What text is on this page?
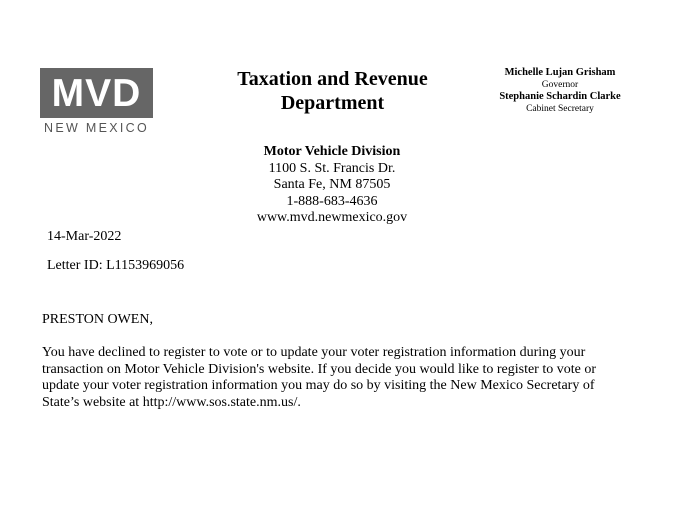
MVD
NEW MEXICO
Taxation and Revenue
Department
Michelle Lujan Grisham
Governor
Stephanie Schardin Clarke
Cabinet Secretary
Motor Vehicle Division
1100 S. St. Francis Dr.
Santa Fe, NM 87505
1-888-683-4636
www.mvd.newmexico.gov
14-Mar-2022
Letter ID: L1153969056
PRESTON OWEN,
You have declined to register to vote or to update your voter registration information during your transaction on Motor Vehicle Division's website. If you decide you would like to register to vote or update your voter registration information you may do so by visiting the New Mexico Secretary of State’s website at http://www.sos.state.nm.us/.
